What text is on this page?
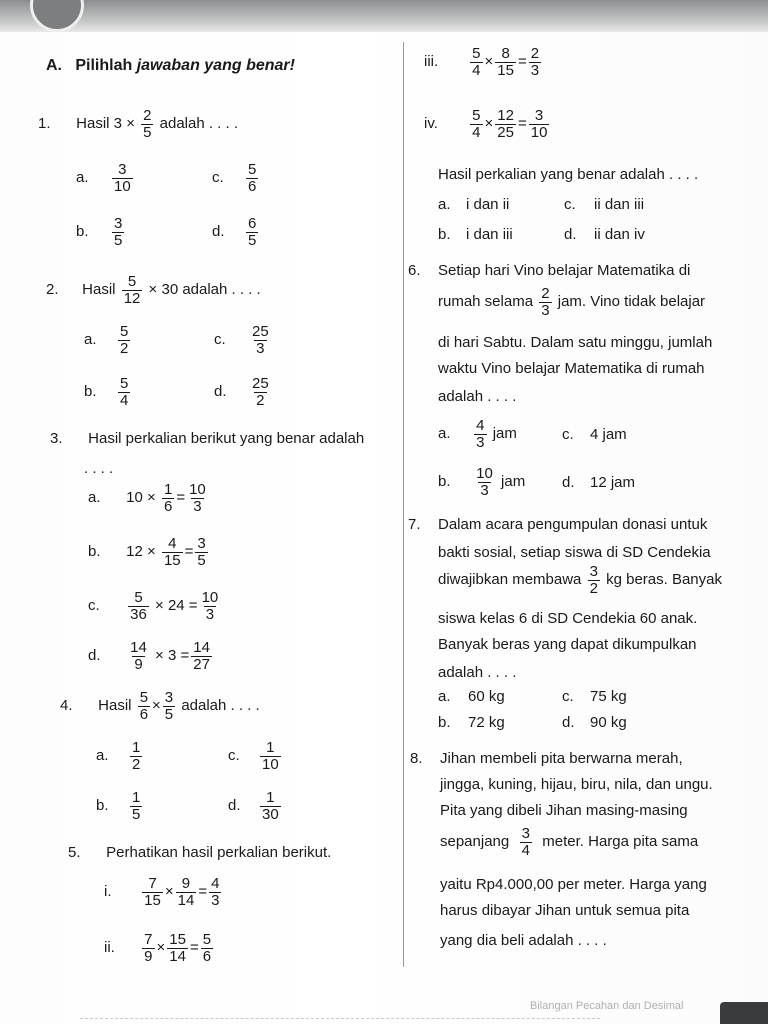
A. Pilihlah jawaban yang benar!
1. Hasil $3 \times \frac{2}{5}$ adalah . . . .
a. $\frac{3}{10}$	c. $\frac{5}{6}$
b. $\frac{3}{5}$	d. $\frac{6}{5}$
2. Hasil $\frac{5}{12} \times 30$ adalah . . . .
a. $\frac{5}{2}$	c. $\frac{25}{3}$
b. $\frac{5}{4}$	d. $\frac{25}{2}$
3. Hasil perkalian berikut yang benar adalah
. . . .
a. $10 \times \frac{1}{6} = \frac{10}{3}$
b. $12 \times \frac{4}{15} = \frac{3}{5}$
c. $\frac{5}{36} \times 24 = \frac{10}{3}$
d. $\frac{14}{9} \times 3 = \frac{14}{27}$
4. Hasil $\frac{5}{6} \times \frac{3}{5}$ adalah . . . .
a. $\frac{1}{2}$	c. $\frac{1}{10}$
b. $\frac{1}{5}$	d. $\frac{1}{30}$
5. Perhatikan hasil perkalian berikut.
i. $\frac{7}{15} \times \frac{9}{14} = \frac{4}{3}$
ii. $\frac{7}{9} \times \frac{15}{14} = \frac{5}{6}$
iii. $\frac{5}{4} \times \frac{8}{15} = \frac{2}{3}$
iv. $\frac{5}{4} \times \frac{12}{25} = \frac{3}{10}$
Hasil perkalian yang benar adalah . . . .
a. i dan ii	c. ii dan iii
b. i dan iii	d. ii dan iv
6. Setiap hari Vino belajar Matematika di
rumah selama $\frac{2}{3}$ jam. Vino tidak belajar
di hari Sabtu. Dalam satu minggu, jumlah
waktu Vino belajar Matematika di rumah
adalah . . . .
a. $\frac{4}{3}$ jam	c. 4 jam
b. $\frac{10}{3}$ jam d. 12 jam
7. Dalam acara pengumpulan donasi untuk
bakti sosial, setiap siswa di SD Cendekia
diwajibkan membawa $\frac{3}{2}$ kg beras. Banyak
siswa kelas 6 di SD Cendekia 60 anak.
Banyak beras yang dapat dikumpulkan
adalah . . . .
a. 60 kg	c. 75 kg
b. 72 kg	d. 90 kg
8. Jihan membeli pita berwarna merah,
jingga, kuning, hijau, biru, nila, dan ungu.
Pita yang dibeli Jihan masing-masing
sepanjang $\frac{3}{4}$ meter. Harga pita sama
yaitu Rp4.000,00 per meter. Harga yang
harus dibayar Jihan untuk semua pita
yang dia beli adalah . . . .
Bilangan Pecahan dan Desimal
